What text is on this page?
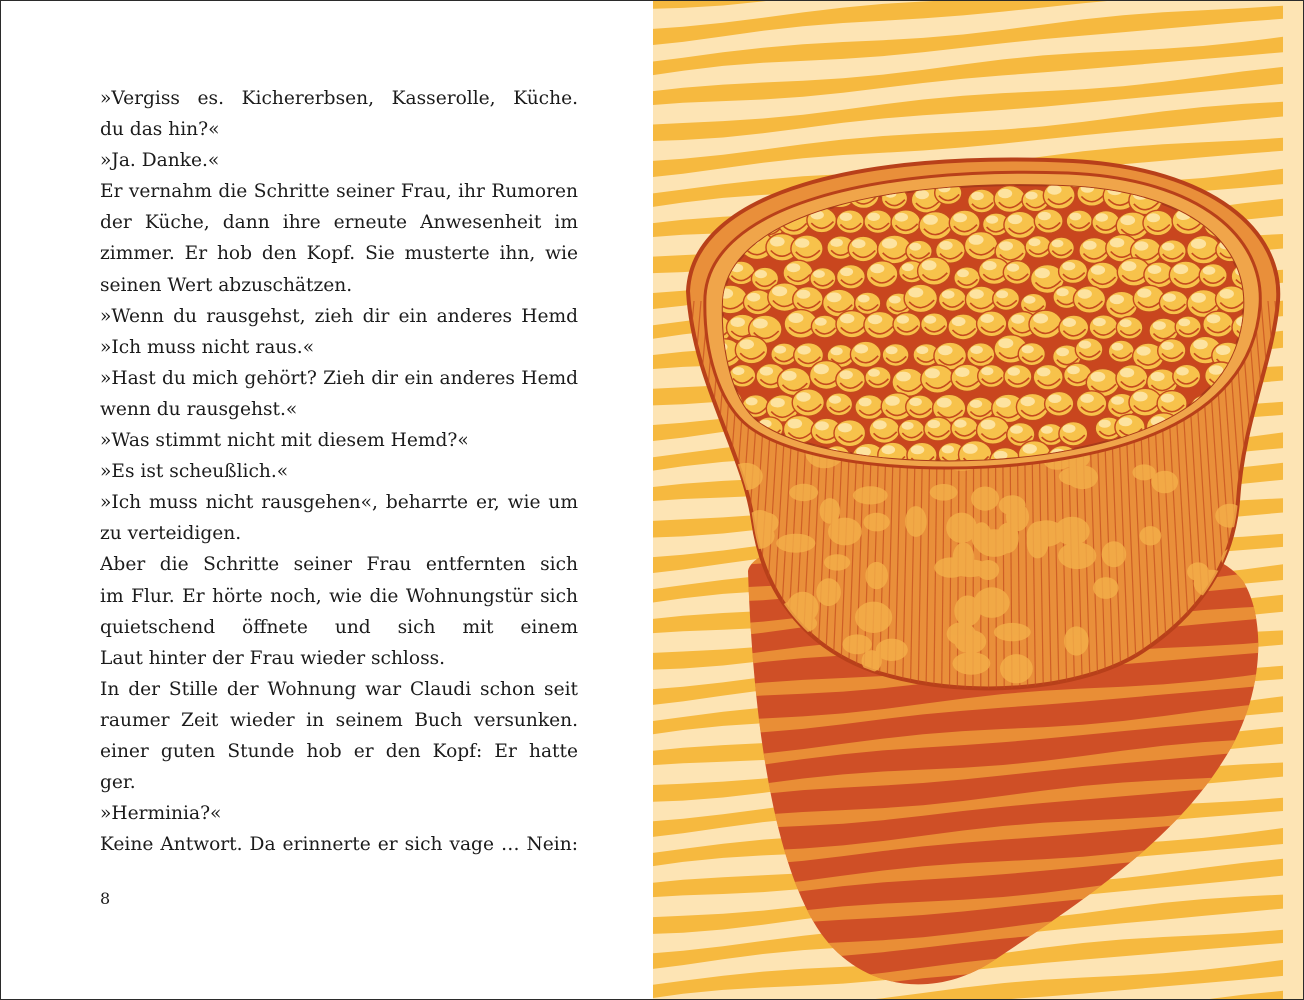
»Vergiss es. Kichererbsen, Kasserolle, Küche.
du das hin?«
»Ja. Danke.«
Er vernahm die Schritte seiner Frau, ihr Rumoren
der Küche, dann ihre erneute Anwesenheit im
zimmer. Er hob den Kopf. Sie musterte ihn, wie
seinen Wert abzuschätzen.
»Wenn du rausgehst, zieh dir ein anderes Hemd
»Ich muss nicht raus.«
»Hast du mich gehört? Zieh dir ein anderes Hemd
wenn du rausgehst.«
»Was stimmt nicht mit diesem Hemd?«
»Es ist scheußlich.«
»Ich muss nicht rausgehen«, beharrte er, wie um
zu verteidigen.
Aber die Schritte seiner Frau entfernten sich
im Flur. Er hörte noch, wie die Wohnungstür sich
quietschend öffnete und sich mit einem
Laut hinter der Frau wieder schloss.
In der Stille der Wohnung war Claudi schon seit
raumer Zeit wieder in seinem Buch versunken.
einer guten Stunde hob er den Kopf: Er hatte
ger.
»Herminia?«
Keine Antwort. Da erinnerte er sich vage … Nein:
8
